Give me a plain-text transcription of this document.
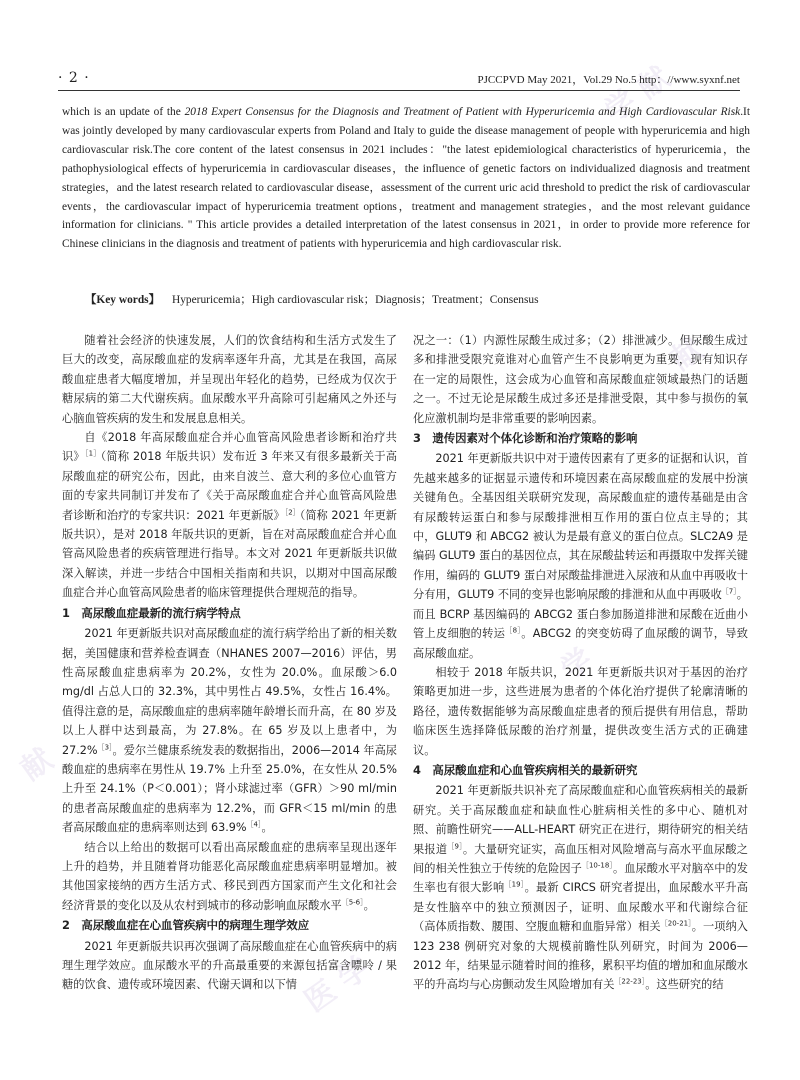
学 献
献
献
医 学
学
· 2 ·	PJCCPVD May 2021，Vol.29 No.5 http：//www.syxnf.net
which is an update of the 2018 Expert Consensus for the Diagnosis and Treatment of Patient with Hyperuricemia and High Cardiovascular Risk.It was jointly developed by many cardiovascular experts from Poland and Italy to guide the disease management of people with hyperuricemia and high cardiovascular risk.The core content of the latest consensus in 2021 includes："the latest epidemiological characteristics of hyperuricemia，the pathophysiological effects of hyperuricemia in cardiovascular diseases，the influence of genetic factors on individualized diagnosis and treatment strategies，and the latest research related to cardiovascular disease，assessment of the current uric acid threshold to predict the risk of cardiovascular events，the cardiovascular impact of hyperuricemia treatment options，treatment and management strategies，and the most relevant guidance information for clinicians. " This article provides a detailed interpretation of the latest consensus in 2021，in order to provide more reference for Chinese clinicians in the diagnosis and treatment of patients with hyperuricemia and high cardiovascular risk.
【Key words】 Hyperuricemia；High cardiovascular risk；Diagnosis；Treatment；Consensus

随着社会经济的快速发展，人们的饮食结构和生活方式发生了巨大的改变，高尿酸血症的发病率逐年升高，尤其是在我国，高尿酸血症患者大幅度增加，并呈现出年轻化的趋势，已经成为仅次于糖尿病的第二大代谢疾病。血尿酸水平升高除可引起痛风之外还与心脑血管疾病的发生和发展息息相关。

自《2018 年高尿酸血症合并心血管高风险患者诊断和治疗共识》$^{[1]}$（简称 2018 年版共识）发布近 3 年来又有很多最新关于高尿酸血症的研究公布，因此，由来自波兰、意大利的多位心血管方面的专家共同制订并发布了《关于高尿酸血症合并心血管高风险患者诊断和治疗的专家共识：2021 年更新版》$^{[2]}$（简称 2021 年更新版共识），是对 2018 年版共识的更新，旨在对高尿酸血症合并心血管高风险患者的疾病管理进行指导。本文对 2021 年更新版共识做深入解读，并进一步结合中国相关指南和共识，以期对中国高尿酸血症合并心血管高风险患者的临床管理提供合理规范的指导。

1　高尿酸血症最新的流行病学特点

2021 年更新版共识对高尿酸血症的流行病学给出了新的相关数据，美国健康和营养检查调查（NHANES 2007—2016）评估，男性高尿酸血症患病率为 20.2%，女性为 20.0%。血尿酸＞6.0 mg/dl 占总人口的 32.3%，其中男性占 49.5%，女性占 16.4%。值得注意的是，高尿酸血症的患病率随年龄增长而升高，在 80 岁及以上人群中达到最高，为 27.8%。在 65 岁及以上患者中，为 27.2%$^{[3]}$。爱尔兰健康系统发表的数据指出，2006—2014 年高尿酸血症的患病率在男性从 19.7% 上升至 25.0%，在女性从 20.5% 上升至 24.1%（P＜0.001）；肾小球滤过率（GFR）＞90 ml/min 的患者高尿酸血症的患病率为 12.2%，而 GFR＜15 ml/min 的患者高尿酸血症的患病率则达到 63.9%$^{[4]}$。

结合以上给出的数据可以看出高尿酸血症的患病率呈现出逐年上升的趋势，并且随着肾功能恶化高尿酸血症患病率明显增加。被其他国家接纳的西方生活方式、移民到西方国家而产生文化和社会经济背景的变化以及从农村到城市的移动影响血尿酸水平$^{[5-6]}$。

2　高尿酸血症在心血管疾病中的病理生理学效应

2021 年更新版共识再次强调了高尿酸血症在心血管疾病中的病理生理学效应。血尿酸水平的升高最重要的来源包括富含嘌呤 / 果糖的饮食、遗传或环境因素、代谢天调和以下情

况之一：（1）内源性尿酸生成过多；（2）排泄减少。但尿酸生成过多和排泄受限究竟谁对心血管产生不良影响更为重要，现有知识存在一定的局限性，这会成为心血管和高尿酸血症领域最热门的话题之一。不过无论是尿酸生成过多还是排泄受限，其中参与损伤的氧化应激机制均是非常重要的影响因素。

3　遗传因素对个体化诊断和治疗策略的影响

2021 年更新版共识中对于遗传因素有了更多的证据和认识，首先越来越多的证据显示遗传和环境因素在高尿酸血症的发展中扮演关键角色。全基因组关联研究发现，高尿酸血症的遗传基础是由含有尿酸转运蛋白和参与尿酸排泄相互作用的蛋白位点主导的；其中，GLUT9 和 ABCG2 被认为是最有意义的蛋白位点。SLC2A9 是编码 GLUT9 蛋白的基因位点，其在尿酸盐转运和再摄取中发挥关键作用，编码的 GLUT9 蛋白对尿酸盐排泄进入尿液和从血中再吸收十分有用，GLUT9 不同的变异也影响尿酸的排泄和从血中再吸收$^{[7]}$。而且 BCRP 基因编码的 ABCG2 蛋白参加肠道排泄和尿酸在近曲小管上皮细胞的转运$^{[8]}$。ABCG2 的突变妨碍了血尿酸的调节，导致高尿酸血症。

相较于 2018 年版共识，2021 年更新版共识对于基因的治疗策略更加进一步，这些进展为患者的个体化治疗提供了轮廓清晰的路径，遗传数据能够为高尿酸血症患者的预后提供有用信息，帮助临床医生选择降低尿酸的治疗剂量，提供改变生活方式的正确建议。

4　高尿酸血症和心血管疾病相关的最新研究

2021 年更新版共识补充了高尿酸血症和心血管疾病相关的最新研究。关于高尿酸血症和缺血性心脏病相关性的多中心、随机对照、前瞻性研究——ALL-HEART 研究正在进行，期待研究的相关结果报道$^{[9]}$。大量研究证实，高血压相对风险增高与高水平血尿酸之间的相关性独立于传统的危险因子$^{[10-18]}$。血尿酸水平对脑卒中的发生率也有很大影响$^{[19]}$。最新 CIRCS 研究者提出，血尿酸水平升高是女性脑卒中的独立预测因子，证明、血尿酸水平和代谢综合征（高体质指数、腰围、空腹血糖和血脂异常）相关$^{[20-21]}$。一项纳入 123 238 例研究对象的大规模前瞻性队列研究，时间为 2006—2012 年，结果显示随着时间的推移，累积平均值的增加和血尿酸水平的升高均与心房颤动发生风险增加有关$^{[22-23]}$。这些研究的结
